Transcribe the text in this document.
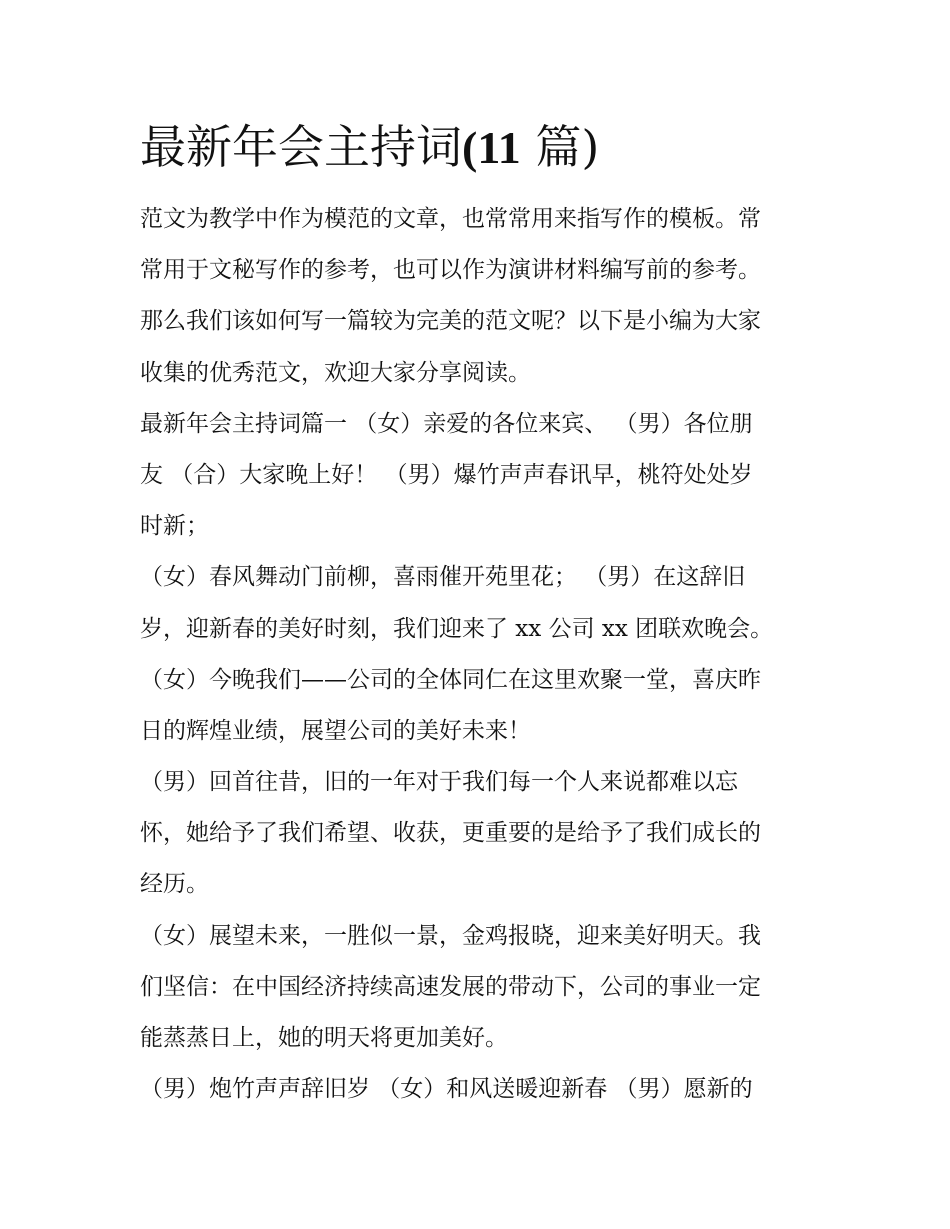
最新年会主持词(11 篇)

范文为教学中作为模范的文章，也常常用来指写作的模板。常

常用于文秘写作的参考，也可以作为演讲材料编写前的参考。

那么我们该如何写一篇较为完美的范文呢？以下是小编为大家

收集的优秀范文，欢迎大家分享阅读。

最新年会主持词篇一 （女）亲爱的各位来宾、 （男）各位朋

友 （合）大家晚上好！ （男）爆竹声声春讯早，桃符处处岁

时新；

（女）春风舞动门前柳，喜雨催开苑里花； （男）在这辞旧

岁，迎新春的美好时刻，我们迎来了 xx 公司 xx 团联欢晚会。

（女）今晚我们——公司的全体同仁在这里欢聚一堂，喜庆昨

日的辉煌业绩，展望公司的美好未来！

（男）回首往昔，旧的一年对于我们每一个人来说都难以忘

怀，她给予了我们希望、收获，更重要的是给予了我们成长的

经历。

（女）展望未来，一胜似一景，金鸡报晓，迎来美好明天。我

们坚信：在中国经济持续高速发展的带动下，公司的事业一定

能蒸蒸日上，她的明天将更加美好。

（男）炮竹声声辞旧岁 （女）和风送暖迎新春 （男）愿新的
